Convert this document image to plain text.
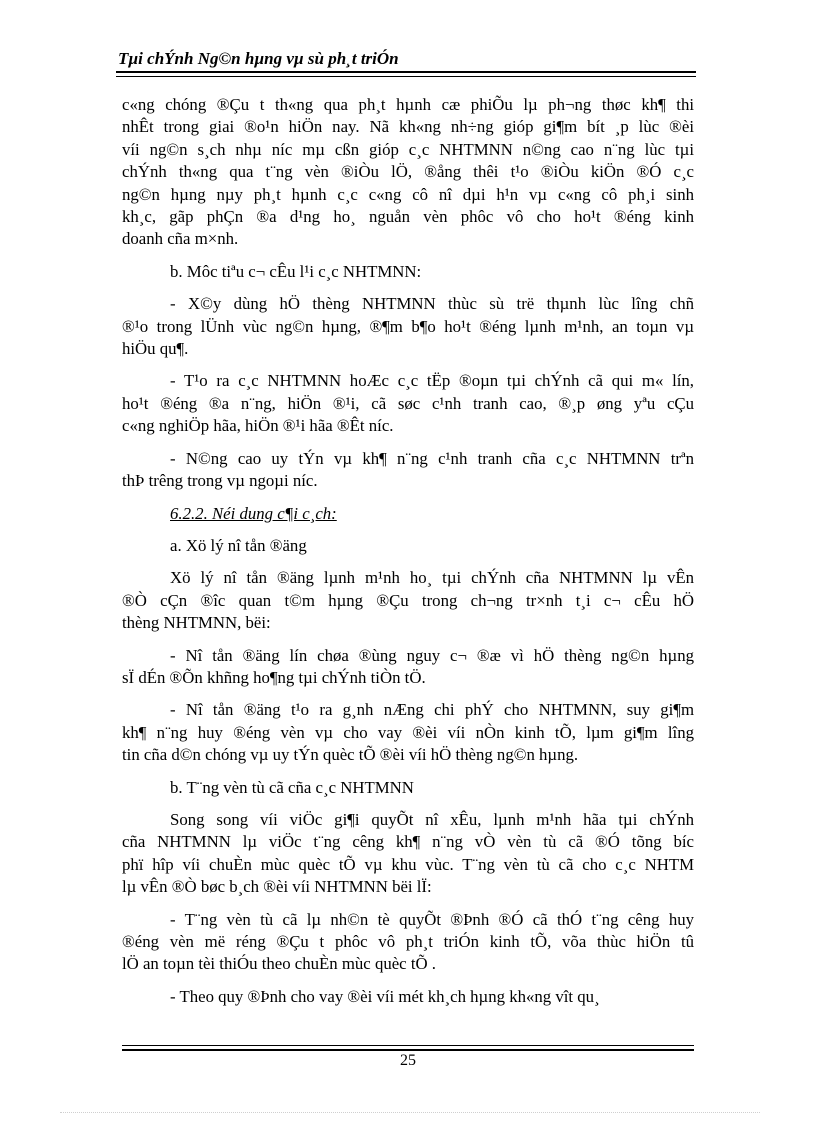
Tµi chÝnh Ng©n hµng vµ sù ph¸t triÓn
c«ng chóng ®Çu t th«ng qua ph¸t hµnh cæ phiÕu lµ ph¬ng thøc kh¶ thi
nhÊt trong giai ®o¹n hiÖn nay. Nã kh«ng nh÷ng gióp gi¶m bít ¸p lùc ®èi
víi ng©n s¸ch nhµ níc mµ cßn gióp c¸c NHTMNN n©ng cao n¨ng lùc tµi
chÝnh th«ng qua t¨ng vèn ®iÒu lÖ, ®ång thêi t¹o ®iÒu kiÖn ®Ó c¸c
ng©n hµng nµy ph¸t hµnh c¸c c«ng cô nî dµi h¹n vµ c«ng cô ph¸i sinh
kh¸c, gãp phÇn ®a d¹ng ho¸ nguån vèn phôc vô cho ho¹t ®éng kinh
doanh cña m×nh.
b. Môc tiªu c¬ cÊu l¹i c¸c NHTMNN:
- X©y dùng hÖ thèng NHTMNN thùc sù trë thµnh lùc lîng chñ
®¹o trong lÜnh vùc ng©n hµng, ®¶m b¶o ho¹t ®éng lµnh m¹nh, an toµn vµ
hiÖu qu¶.
- T¹o ra c¸c NHTMNN hoÆc c¸c tËp ®oµn tµi chÝnh cã qui m« lín,
ho¹t ®éng ®a n¨ng, hiÖn ®¹i, cã søc c¹nh tranh cao, ®¸p øng yªu cÇu
c«ng nghiÖp hãa, hiÖn ®¹i hãa ®Êt níc.
- N©ng cao uy tÝn vµ kh¶ n¨ng c¹nh tranh cña c¸c NHTMNN trªn
thÞ trêng trong vµ ngoµi níc.
6.2.2. Néi dung c¶i c¸ch:
a. Xö lý nî tån ®äng
Xö lý nî tån ®äng lµnh m¹nh ho¸ tµi chÝnh cña NHTMNN lµ vÊn
®Ò cÇn ®îc quan t©m hµng ®Çu trong ch¬ng tr×nh t¸i c¬ cÊu hÖ
thèng NHTMNN, bëi:
- Nî tån ®äng lín chøa ®ùng nguy c¬ ®æ vì hÖ thèng ng©n hµng
sÏ dÉn ®Õn khñng ho¶ng tµi chÝnh tiÒn tÖ.
- Nî tån ®äng t¹o ra g¸nh nÆng chi phÝ cho NHTMNN, suy gi¶m
kh¶ n¨ng huy ®éng vèn vµ cho vay ®èi víi nÒn kinh tÕ, lµm gi¶m lîng
tin cña d©n chóng vµ uy tÝn quèc tÕ ®èi víi hÖ thèng ng©n hµng.
b. T¨ng vèn tù cã cña c¸c NHTMNN
Song song víi viÖc gi¶i quyÕt nî xÊu, lµnh m¹nh hãa tµi chÝnh
cña NHTMNN lµ viÖc t¨ng cêng kh¶ n¨ng vÒ vèn tù cã ®Ó tõng bíc
phï hîp víi chuÈn mùc quèc tÕ vµ khu vùc. T¨ng vèn tù cã cho c¸c NHTM
lµ vÊn ®Ò bøc b¸ch ®èi víi NHTMNN bëi lÏ:
- T¨ng vèn tù cã lµ nh©n tè quyÕt ®Þnh ®Ó cã thÓ t¨ng cêng huy
®éng vèn më réng ®Çu t phôc vô ph¸t triÓn kinh tÕ, võa thùc hiÖn tû
lÖ an toµn tèi thiÓu theo chuÈn mùc quèc tÕ .
- Theo quy ®Þnh cho vay ®èi víi mét kh¸ch hµng kh«ng vît qu¸
25
